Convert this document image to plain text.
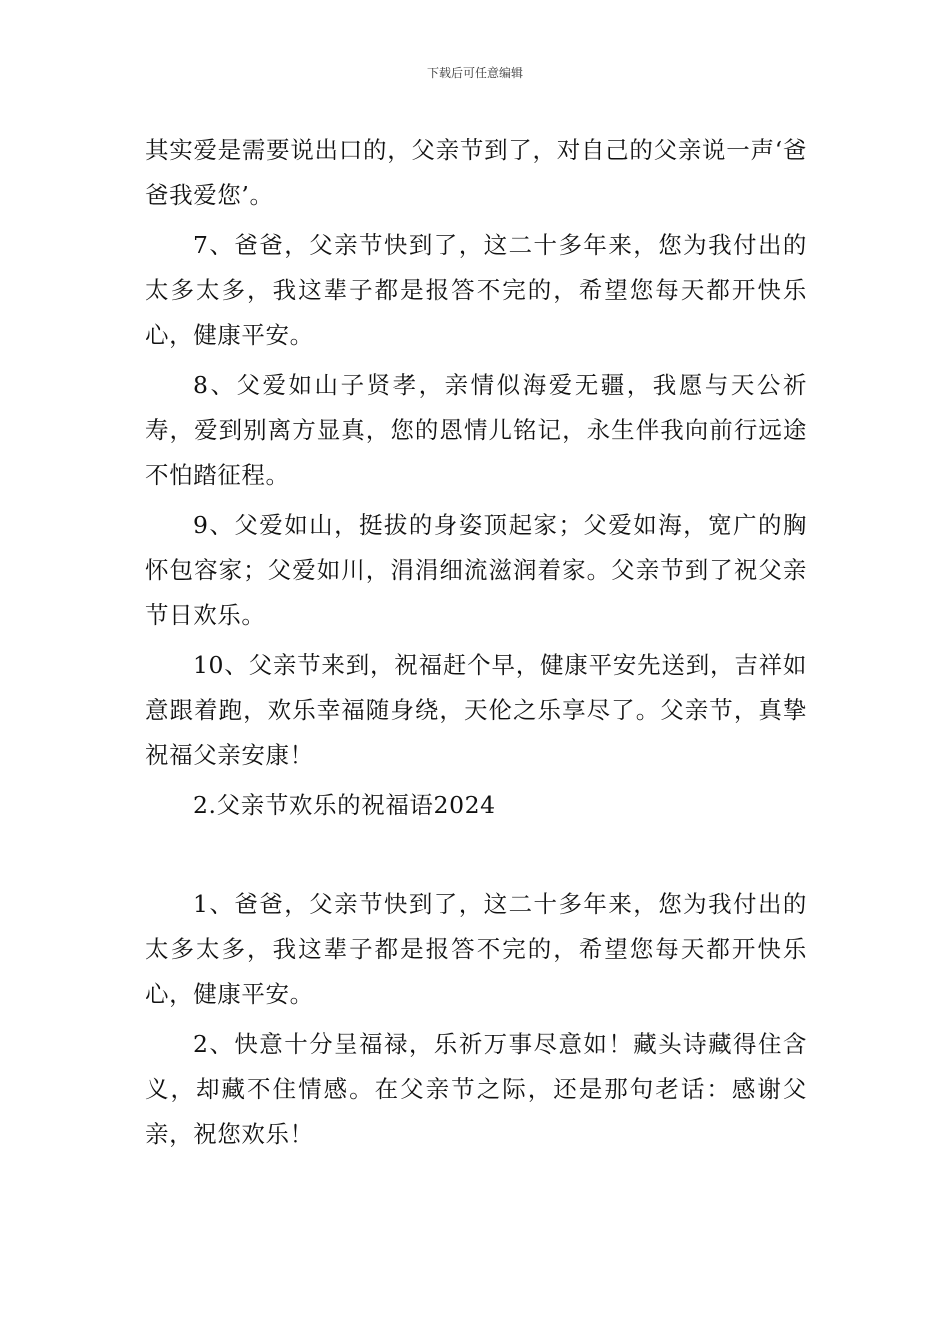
下载后可任意编辑

其实爱是需要说出口的，父亲节到了，对自己的父亲说一声‘爸爸我爱您’。

7、爸爸，父亲节快到了，这二十多年来，您为我付出的太多太多，我这辈子都是报答不完的，希望您每天都开快乐心，健康平安。

8、父爱如山子贤孝，亲情似海爱无疆，我愿与天公祈寿，爱到别离方显真，您的恩情儿铭记，永生伴我向前行远途不怕踏征程。

9、父爱如山，挺拔的身姿顶起家；父爱如海，宽广的胸怀包容家；父爱如川，涓涓细流滋润着家。父亲节到了祝父亲节日欢乐。

10、父亲节来到，祝福赶个早，健康平安先送到，吉祥如意跟着跑，欢乐幸福随身绕，天伦之乐享尽了。父亲节，真挚祝福父亲安康！

2.父亲节欢乐的祝福语2024

1、爸爸，父亲节快到了，这二十多年来，您为我付出的太多太多，我这辈子都是报答不完的，希望您每天都开快乐心，健康平安。

2、快意十分呈福禄，乐祈万事尽意如！藏头诗藏得住含义，却藏不住情感。在父亲节之际，还是那句老话：感谢父亲，祝您欢乐！
